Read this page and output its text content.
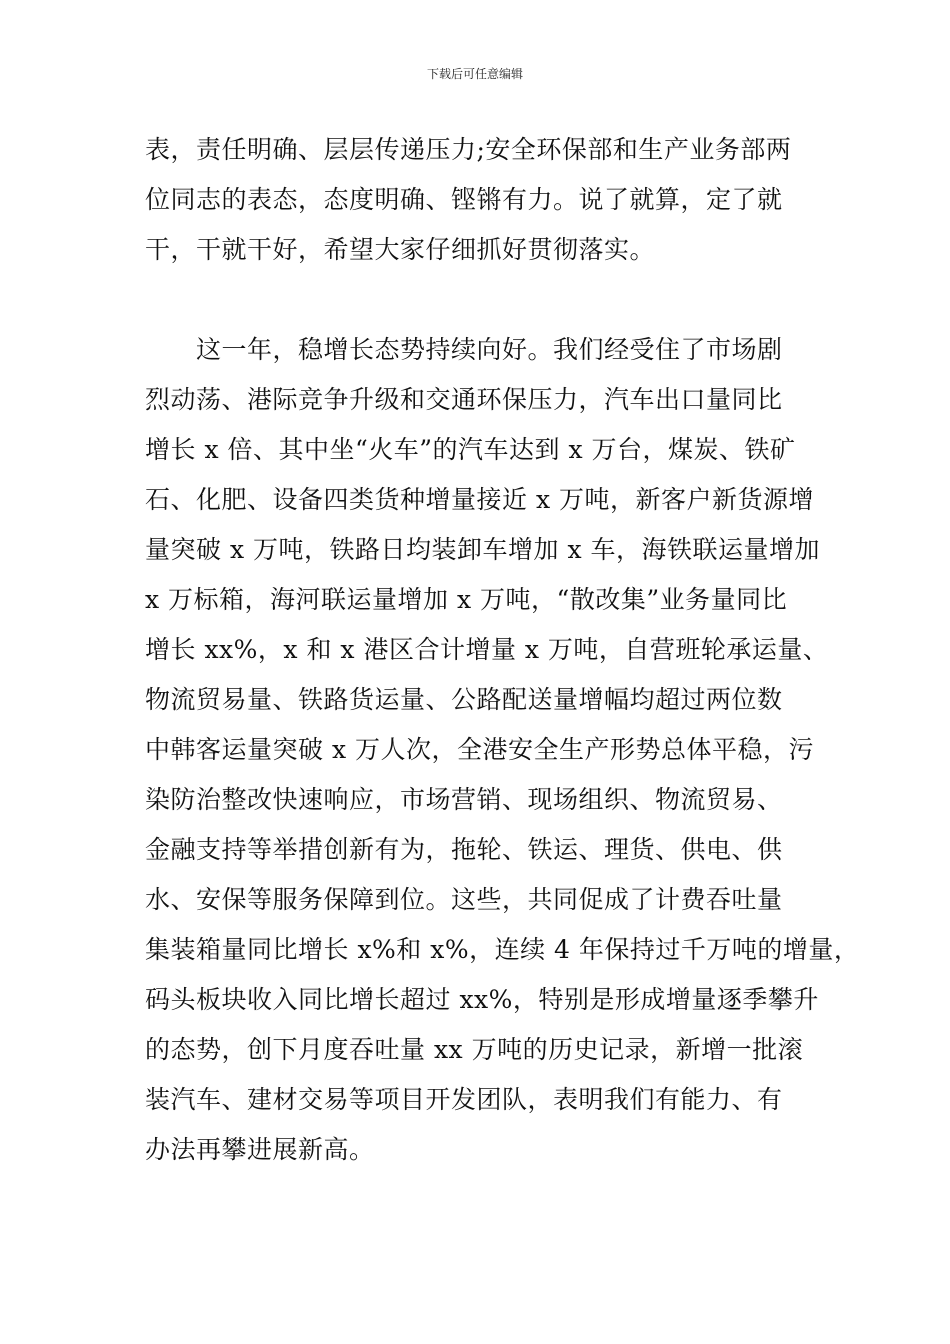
下载后可任意编辑
表，责任明确、层层传递压力;安全环保部和生产业务部两
位同志的表态，态度明确、铿锵有力。说了就算，定了就
干，干就干好，希望大家仔细抓好贯彻落实。
　　这一年，稳增长态势持续向好。我们经受住了市场剧
烈动荡、港际竞争升级和交通环保压力，汽车出口量同比
增长 x 倍、其中坐“火车”的汽车达到 x 万台，煤炭、铁矿
石、化肥、设备四类货种增量接近 x 万吨，新客户新货源增
量突破 x 万吨，铁路日均装卸车增加 x 车，海铁联运量增加
x 万标箱，海河联运量增加 x 万吨，“散改集”业务量同比
增长 xx%，x 和 x 港区合计增量 x 万吨，自营班轮承运量、
物流贸易量、铁路货运量、公路配送量增幅均超过两位数
中韩客运量突破 x 万人次，全港安全生产形势总体平稳，污
染防治整改快速响应，市场营销、现场组织、物流贸易、
金融支持等举措创新有为，拖轮、铁运、理货、供电、供
水、安保等服务保障到位。这些，共同促成了计费吞吐量
集装箱量同比增长 x%和 x%，连续 4 年保持过千万吨的增量，
码头板块收入同比增长超过 xx%，特别是形成增量逐季攀升
的态势，创下月度吞吐量 xx 万吨的历史记录，新增一批滚
装汽车、建材交易等项目开发团队，表明我们有能力、有
办法再攀进展新高。
